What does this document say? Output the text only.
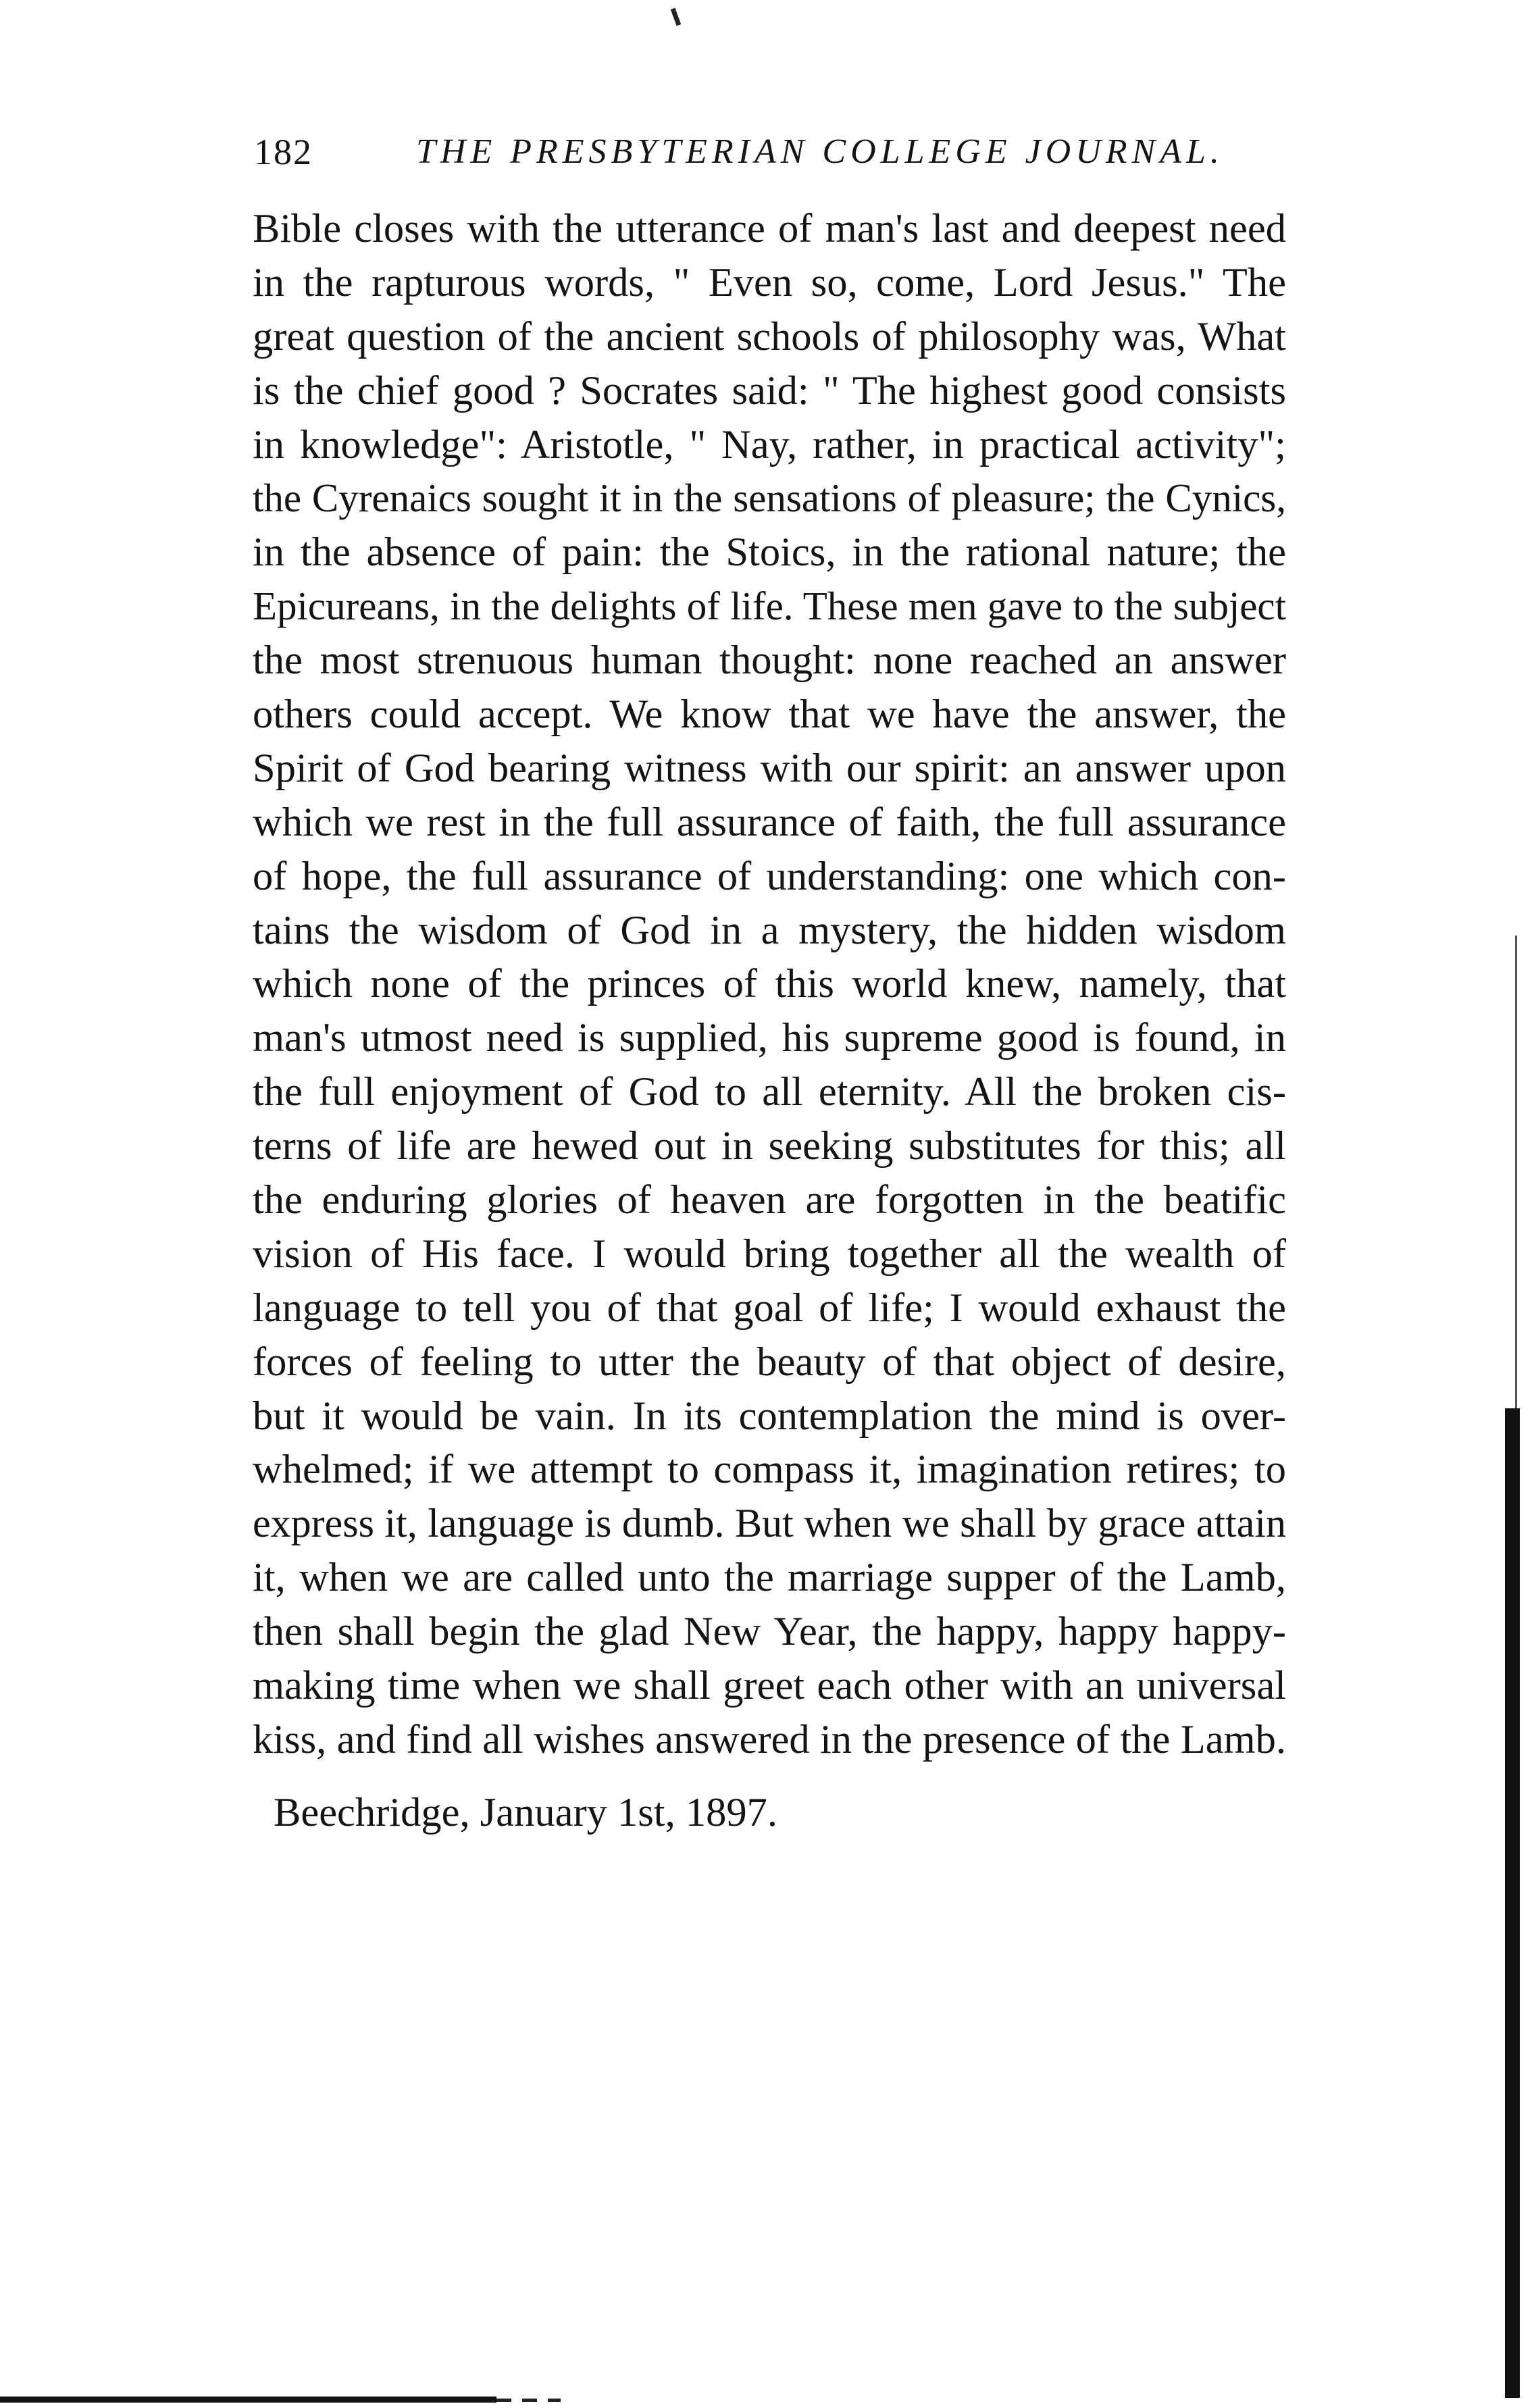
182	THE PRESBYTERIAN COLLEGE JOURNAL.
Bible closes with the utterance of man's last and deepest need
in the rapturous words, " Even so, come, Lord Jesus." The
great question of the ancient schools of philosophy was, What
is the chief good ? Socrates said: " The highest good consists
in knowledge": Aristotle, " Nay, rather, in practical activity";
the Cyrenaics sought it in the sensations of pleasure; the Cynics,
in the absence of pain: the Stoics, in the rational nature; the
Epicureans, in the delights of life. These men gave to the subject
the most strenuous human thought: none reached an answer
others could accept. We know that we have the answer, the
Spirit of God bearing witness with our spirit: an answer upon
which we rest in the full assurance of faith, the full assurance
of hope, the full assurance of understanding: one which con-
tains the wisdom of God in a mystery, the hidden wisdom
which none of the princes of this world knew, namely, that
man's utmost need is supplied, his supreme good is found, in
the full enjoyment of God to all eternity. All the broken cis-
terns of life are hewed out in seeking substitutes for this; all
the enduring glories of heaven are forgotten in the beatific
vision of His face. I would bring together all the wealth of
language to tell you of that goal of life; I would exhaust the
forces of feeling to utter the beauty of that object of desire,
but it would be vain. In its contemplation the mind is over-
whelmed; if we attempt to compass it, imagination retires; to
express it, language is dumb. But when we shall by grace attain
it, when we are called unto the marriage supper of the Lamb,
then shall begin the glad New Year, the happy, happy happy-
making time when we shall greet each other with an universal
kiss, and find all wishes answered in the presence of the Lamb.
Beechridge, January 1st, 1897.
